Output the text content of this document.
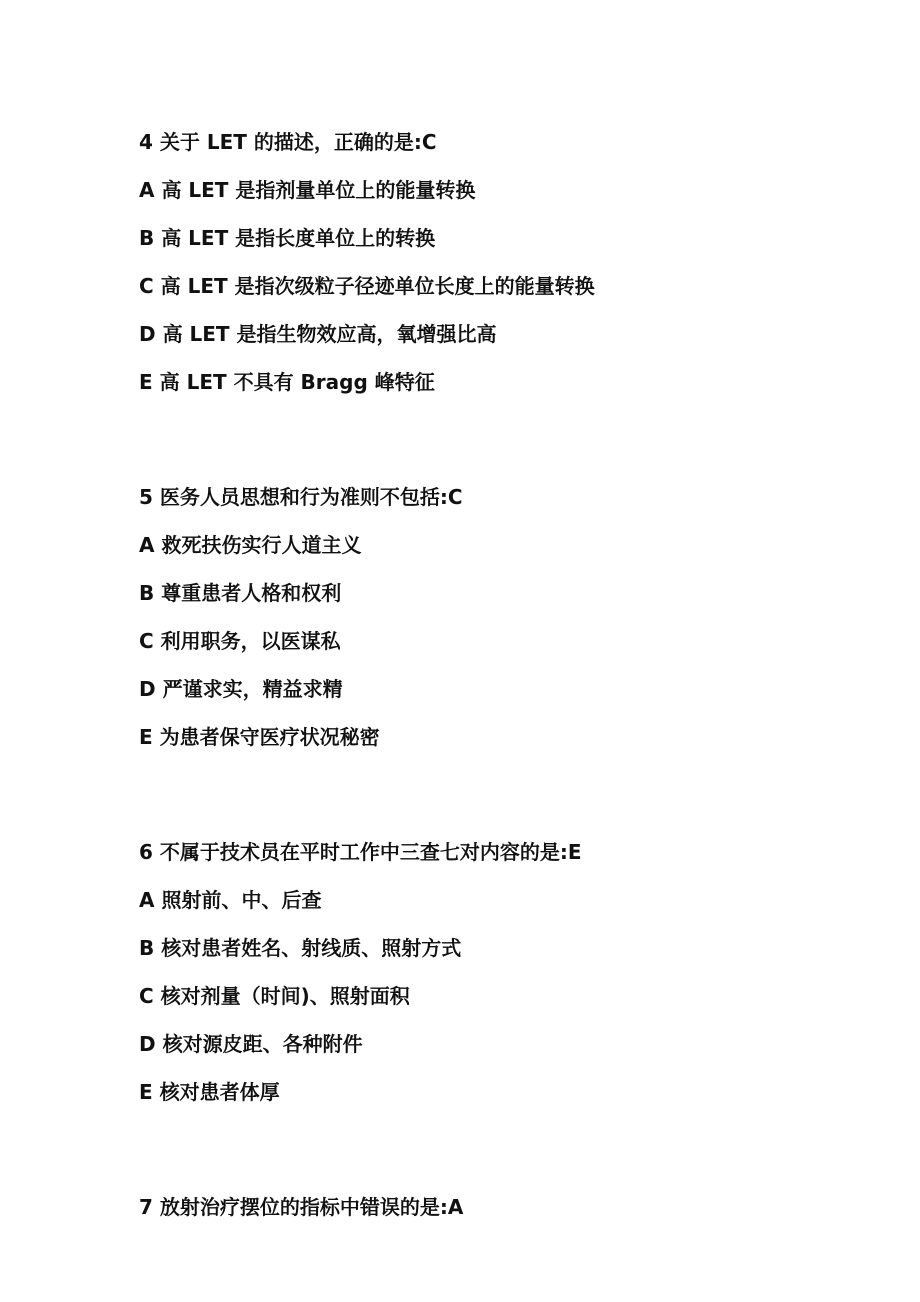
4 关于 LET 的描述，正确的是:C
A 高 LET 是指剂量单位上的能量转换
B 高 LET 是指长度单位上的转换
C 高 LET 是指次级粒子径迹单位长度上的能量转换
D 高 LET 是指生物效应高，氧增强比高
E 高 LET 不具有 Bragg 峰特征
5 医务人员思想和行为准则不包括:C
A 救死扶伤实行人道主义
B 尊重患者人格和权利
C 利用职务，以医谋私
D 严谨求实，精益求精
E 为患者保守医疗状况秘密
6 不属于技术员在平时工作中三查七对内容的是:E
A 照射前、中、后查
B 核对患者姓名、射线质、照射方式
C 核对剂量（时间)、照射面积
D 核对源皮距、各种附件
E 核对患者体厚
7 放射治疗摆位的指标中错误的是:A
